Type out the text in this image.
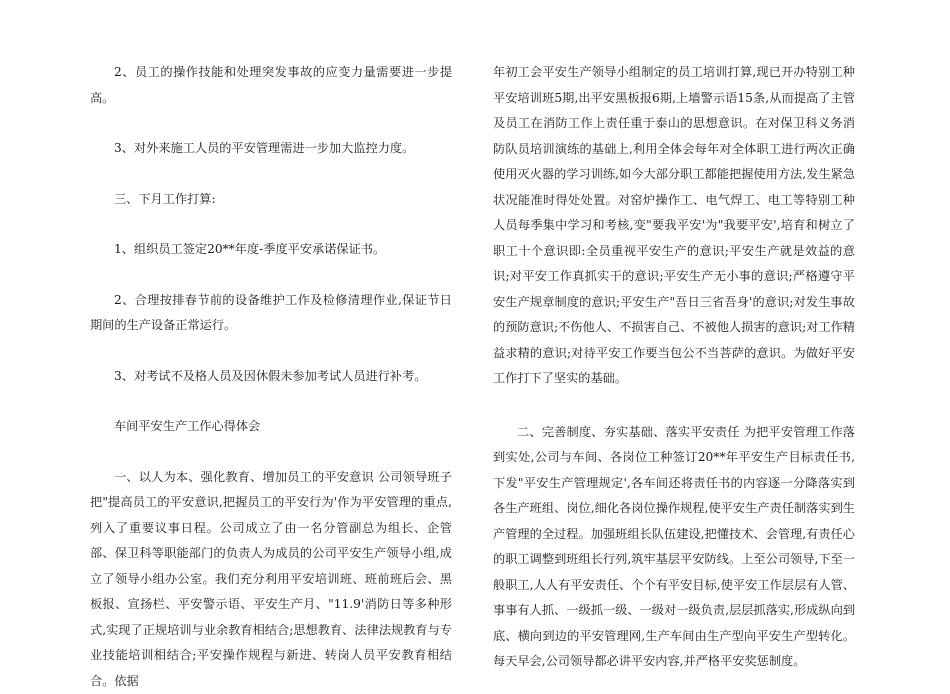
2、员工的操作技能和处理突发事故的应变力量需要进一步提高。

3、对外来施工人员的平安管理需进一步加大监控力度。

三、下月工作打算:

1、组织员工签定20**年度-季度平安承诺保证书。

2、合理按排春节前的设备维护工作及检修清理作业,保证节日期间的生产设备正常运行。

3、对考试不及格人员及因休假未参加考试人员进行补考。

车间平安生产工作心得体会

一、以人为本、强化教育、增加员工的平安意识 公司领导班子把"提高员工的平安意识,把握员工的平安行为'作为平安管理的重点,列入了重要议事日程。公司成立了由一名分管副总为组长、企管部、保卫科等职能部门的负责人为成员的公司平安生产领导小组,成立了领导小组办公室。我们充分利用平安培训班、班前班后会、黑板报、宣扬栏、平安警示语、平安生产月、"11.9'消防日等多种形式,实现了正规培训与业余教育相结合;思想教育、法律法规教育与专业技能培训相结合;平安操作规程与新进、转岗人员平安教育相结合。依据

年初工会平安生产领导小组制定的员工培训打算,现已开办特别工种平安培训班5期,出平安黑板报6期,上墙警示语15条,从而提高了主管及员工在消防工作上责任重于泰山的思想意识。在对保卫科义务消防队员培训演练的基础上,利用全体会每年对全体职工进行两次正确使用灭火器的学习训练,如今大部分职工都能把握使用方法,发生紧急状况能准时得处处置。对窑炉操作工、电气焊工、电工等特别工种人员每季集中学习和考核,变"要我平安'为"我要平安',培育和树立了职工十个意识即:全员重视平安生产的意识;平安生产就是效益的意识;对平安工作真抓实干的意识;平安生产无小事的意识;严格遵守平安生产规章制度的意识;平安生产"吾日三省吾身'的意识;对发生事故的预防意识;不伤他人、不损害自己、不被他人损害的意识;对工作精益求精的意识;对待平安工作要当包公不当菩萨的意识。为做好平安工作打下了坚实的基础。

二、完善制度、夯实基础、落实平安责任 为把平安管理工作落到实处,公司与车间、各岗位工种签订20**年平安生产目标责任书,下发"平安生产管理规定',各车间还将责任书的内容逐一分降落实到各生产班组、岗位,细化各岗位操作规程,使平安生产责任制落实到生产管理的全过程。加强班组长队伍建设,把懂技术、会管理,有责任心的职工调整到班组长行列,筑牢基层平安防线。上至公司领导,下至一般职工,人人有平安责任、个个有平安目标,使平安工作层层有人管、事事有人抓、一级抓一级、一级对一级负责,层层抓落实,形成纵向到底、横向到边的平安管理网,生产车间由生产型向平安生产型转化。每天早会,公司领导都必讲平安内容,并严格平安奖惩制度。
